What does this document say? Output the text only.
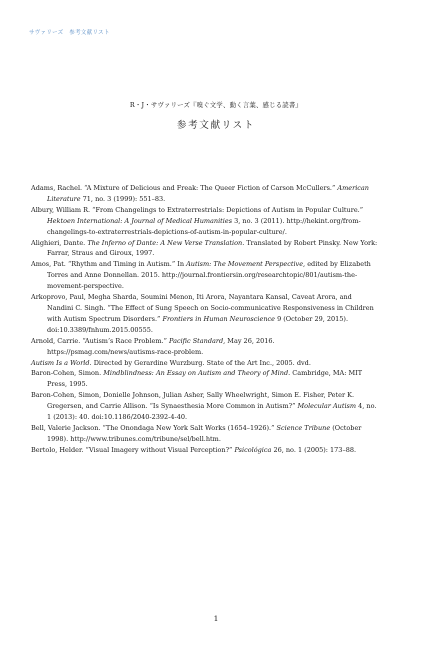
サヴァリーズ　参考文献リスト
R・J・サヴァリーズ『嗅ぐ文学、動く言葉、感じる読書』
参考文献リスト
Adams, Rachel. “A Mixture of Delicious and Freak: The Queer Fiction of Carson McCullers.” American Literature 71, no. 3 (1999): 551–83.
Albury, William R. “From Changelings to Extraterrestrials: Depictions of Autism in Popular Culture.” Hektoen International: A Journal of Medical Humanities 3, no. 3 (2011). http://hekint.org/from-changelings-to-extraterrestrials-depictions-of-autism-in-popular-culture/.
Alighieri, Dante. The Inferno of Dante: A New Verse Translation. Translated by Robert Pinsky. New York: Farrar, Straus and Giroux, 1997.
Amos, Pat. “Rhythm and Timing in Autism.” In Autism: The Movement Perspective, edited by Elizabeth Torres and Anne Donnellan. 2015. http://journal.frontiersin.org/researchtopic/801/autism-the-movement-perspective.
Arkoprovo, Paul, Megha Sharda, Soumini Menon, Iti Arora, Nayantara Kansal, Caveat Arora, and Nandini C. Singh. “The Effect of Sung Speech on Socio-communicative Responsiveness in Children with Autism Spectrum Disorders.” Frontiers in Human Neuroscience 9 (October 29, 2015). doi:10.3389/fnhum.2015.00555.
Arnold, Carrie. “Autism’s Race Problem.” Pacific Standard, May 26, 2016. https://psmag.com/news/autisms-race-problem.
Autism Is a World. Directed by Gerardine Wurzburg. State of the Art Inc., 2005. dvd.
Baron-Cohen, Simon. Mindblindness: An Essay on Autism and Theory of Mind. Cambridge, MA: MIT Press, 1995.
Baron-Cohen, Simon, Donielle Johnson, Julian Asher, Sally Wheelwright, Simon E. Fisher, Peter K. Gregersen, and Carrie Allison. “Is Synaesthesia More Common in Autism?” Molecular Autism 4, no. 1 (2013): 40. doi:10.1186/2040-2392-4-40.
Bell, Valerie Jackson. “The Onondaga New York Salt Works (1654–1926).” Science Tribune (October 1998). http://www.tribunes.com/tribune/sel/bell.htm.
Bertolo, Helder. “Visual Imagery without Visual Perception?” Psicológica 26, no. 1 (2005): 173–88.
1
